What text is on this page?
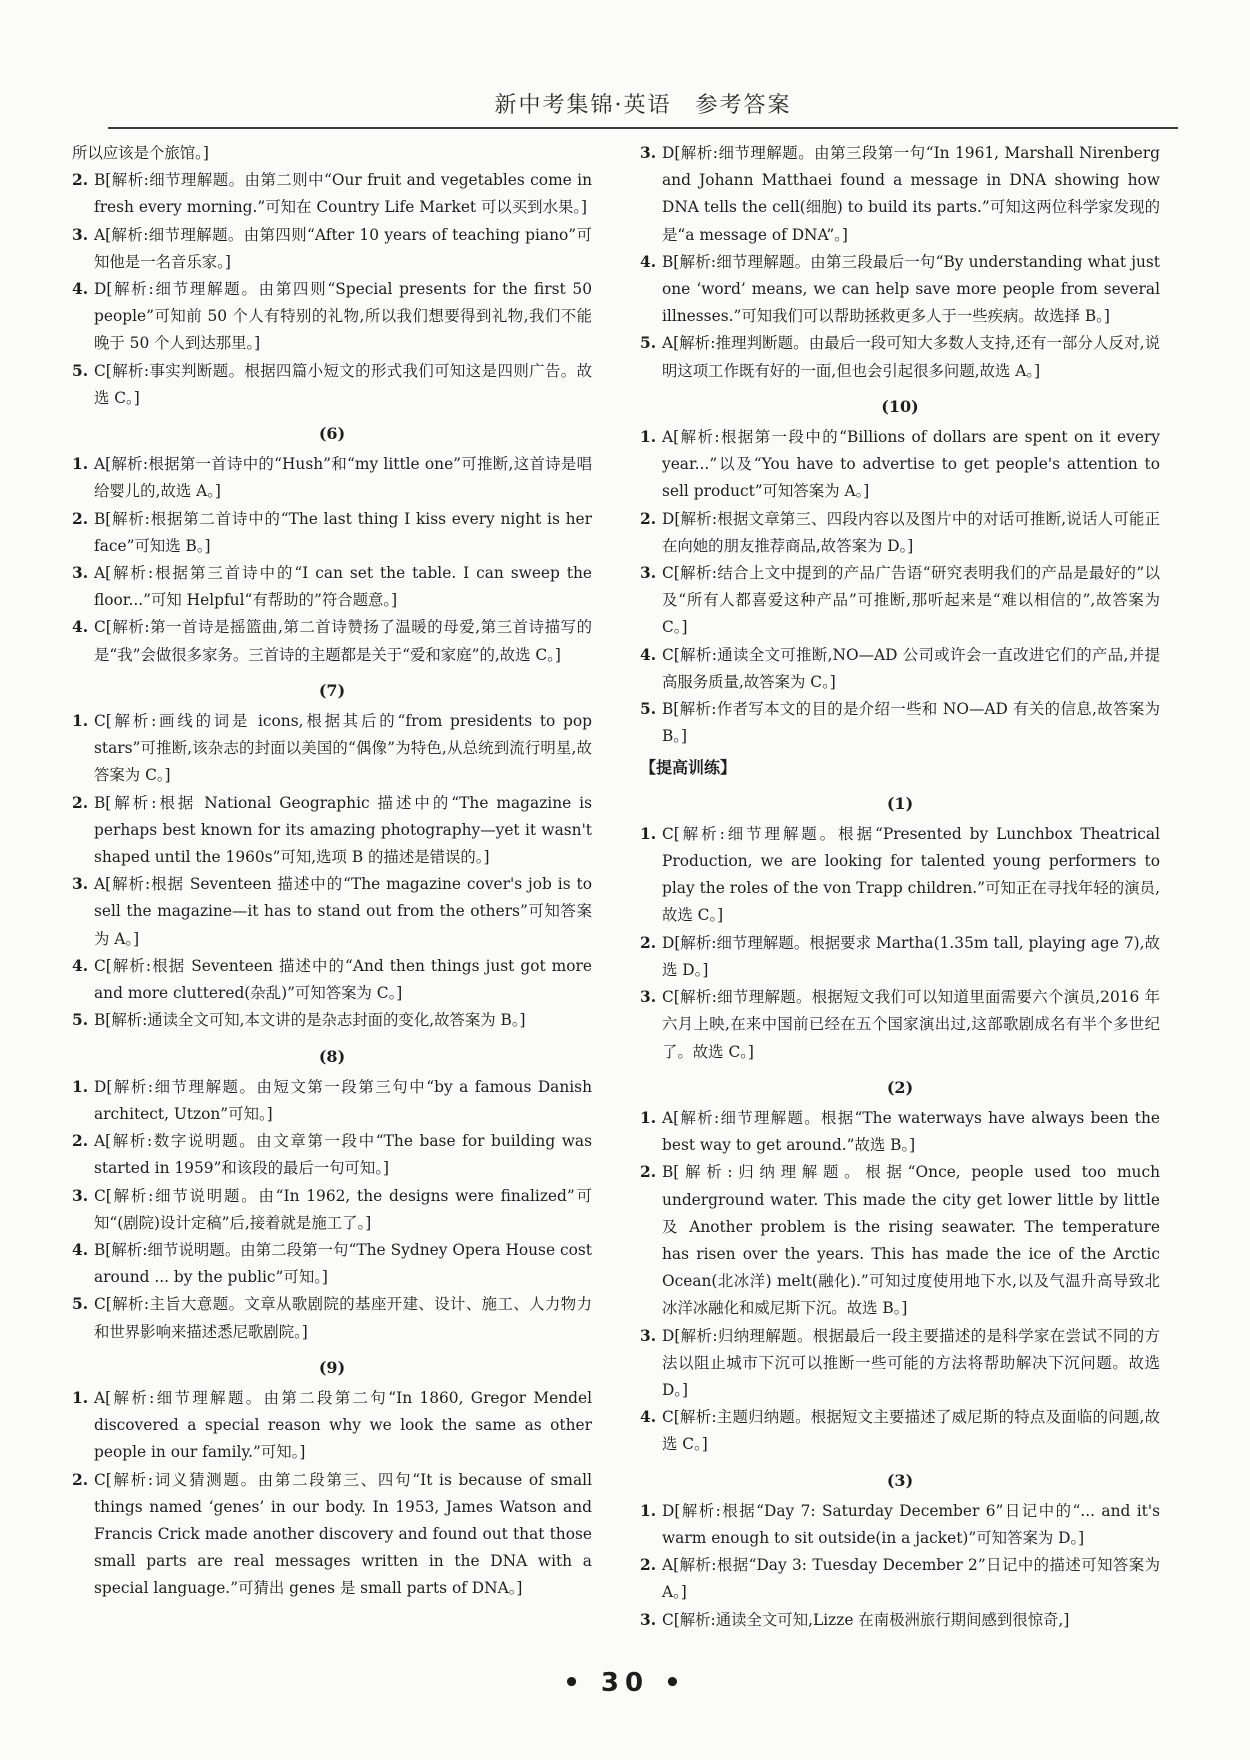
新中考集锦·英语　参考答案
所以应该是个旅馆。]
2. B[解析:细节理解题。由第二则中“Our fruit and vegetables come in fresh every morning.”可知在 Country Life Market 可以买到水果。]
3. A[解析:细节理解题。由第四则“After 10 years of teaching piano”可知他是一名音乐家。]
4. D[解析:细节理解题。由第四则“Special presents for the first 50 people”可知前 50 个人有特别的礼物,所以我们想要得到礼物,我们不能晚于 50 个人到达那里。]
5. C[解析:事实判断题。根据四篇小短文的形式我们可知这是四则广告。故选 C。]
(6)
1. A[解析:根据第一首诗中的“Hush”和“my little one”可推断,这首诗是唱给婴儿的,故选 A。]
2. B[解析:根据第二首诗中的“The last thing I kiss every night is her face”可知选 B。]
3. A[解析:根据第三首诗中的“I can set the table. I can sweep the floor...”可知 Helpful“有帮助的”符合题意。]
4. C[解析:第一首诗是摇篮曲,第二首诗赞扬了温暖的母爱,第三首诗描写的是“我”会做很多家务。三首诗的主题都是关于“爱和家庭”的,故选 C。]
(7)
1. C[解析:画线的词是 icons,根据其后的“from presidents to pop stars”可推断,该杂志的封面以美国的“偶像”为特色,从总统到流行明星,故答案为 C。]
2. B[解析:根据 National Geographic 描述中的“The magazine is perhaps best known for its amazing photography—yet it wasn't shaped until the 1960s”可知,选项 B 的描述是错误的。]
3. A[解析:根据 Seventeen 描述中的“The magazine cover's job is to sell the magazine—it has to stand out from the others”可知答案为 A。]
4. C[解析:根据 Seventeen 描述中的“And then things just got more and more cluttered(杂乱)”可知答案为 C。]
5. B[解析:通读全文可知,本文讲的是杂志封面的变化,故答案为 B。]
(8)
1. D[解析:细节理解题。由短文第一段第三句中“by a famous Danish architect, Utzon”可知。]
2. A[解析:数字说明题。由文章第一段中“The base for building was started in 1959”和该段的最后一句可知。]
3. C[解析:细节说明题。由“In 1962, the designs were finalized”可知“(剧院)设计定稿”后,接着就是施工了。]
4. B[解析:细节说明题。由第二段第一句“The Sydney Opera House cost around ... by the public”可知。]
5. C[解析:主旨大意题。文章从歌剧院的基座开建、设计、施工、人力物力和世界影响来描述悉尼歌剧院。]
(9)
1. A[解析:细节理解题。由第二段第二句“In 1860, Gregor Mendel discovered a special reason why we look the same as other people in our family.”可知。]
2. C[解析:词义猜测题。由第二段第三、四句“It is because of small things named ‘genes’ in our body. In 1953, James Watson and Francis Crick made another discovery and found out that those small parts are real messages written in the DNA with a special language.”可猜出 genes 是 small parts of DNA。]
3. D[解析:细节理解题。由第三段第一句“In 1961, Marshall Nirenberg and Johann Matthaei found a message in DNA showing how DNA tells the cell(细胞) to build its parts.”可知这两位科学家发现的是“a message of DNA”。]
4. B[解析:细节理解题。由第三段最后一句“By understanding what just one ‘word’ means, we can help save more people from several illnesses.”可知我们可以帮助拯救更多人于一些疾病。故选择 B。]
5. A[解析:推理判断题。由最后一段可知大多数人支持,还有一部分人反对,说明这项工作既有好的一面,但也会引起很多问题,故选 A。]
(10)
1. A[解析:根据第一段中的“Billions of dollars are spent on it every year...”以及“You have to advertise to get people's attention to sell product”可知答案为 A。]
2. D[解析:根据文章第三、四段内容以及图片中的对话可推断,说话人可能正在向她的朋友推荐商品,故答案为 D。]
3. C[解析:结合上文中提到的产品广告语“研究表明我们的产品是最好的”以及“所有人都喜爱这种产品”可推断,那听起来是“难以相信的”,故答案为 C。]
4. C[解析:通读全文可推断,NO—AD 公司或许会一直改进它们的产品,并提高服务质量,故答案为 C。]
5. B[解析:作者写本文的目的是介绍一些和 NO—AD 有关的信息,故答案为 B。]
【提高训练】
(1)
1. C[解析:细节理解题。根据“Presented by Lunchbox Theatrical Production, we are looking for talented young performers to play the roles of the von Trapp children.”可知正在寻找年轻的演员,故选 C。]
2. D[解析:细节理解题。根据要求 Martha(1.35m tall, playing age 7),故选 D。]
3. C[解析:细节理解题。根据短文我们可以知道里面需要六个演员,2016 年六月上映,在来中国前已经在五个国家演出过,这部歌剧成名有半个多世纪了。故选 C。]
(2)
1. A[解析:细节理解题。根据“The waterways have always been the best way to get around.”故选 B。]
2. B[解析:归纳理解题。根据“Once, people used too much underground water. This made the city get lower little by little 及 Another problem is the rising seawater. The temperature has risen over the years. This has made the ice of the Arctic Ocean(北冰洋) melt(融化).”可知过度使用地下水,以及气温升高导致北冰洋冰融化和威尼斯下沉。故选 B。]
3. D[解析:归纳理解题。根据最后一段主要描述的是科学家在尝试不同的方法以阻止城市下沉可以推断一些可能的方法将帮助解决下沉问题。故选 D。]
4. C[解析:主题归纳题。根据短文主要描述了威尼斯的特点及面临的问题,故选 C。]
(3)
1. D[解析:根据“Day 7: Saturday December 6”日记中的“... and it's warm enough to sit outside(in a jacket)”可知答案为 D。]
2. A[解析:根据“Day 3: Tuesday December 2”日记中的描述可知答案为 A。]
3. C[解析:通读全文可知,Lizze 在南极洲旅行期间感到很惊奇,]
• 30 •
